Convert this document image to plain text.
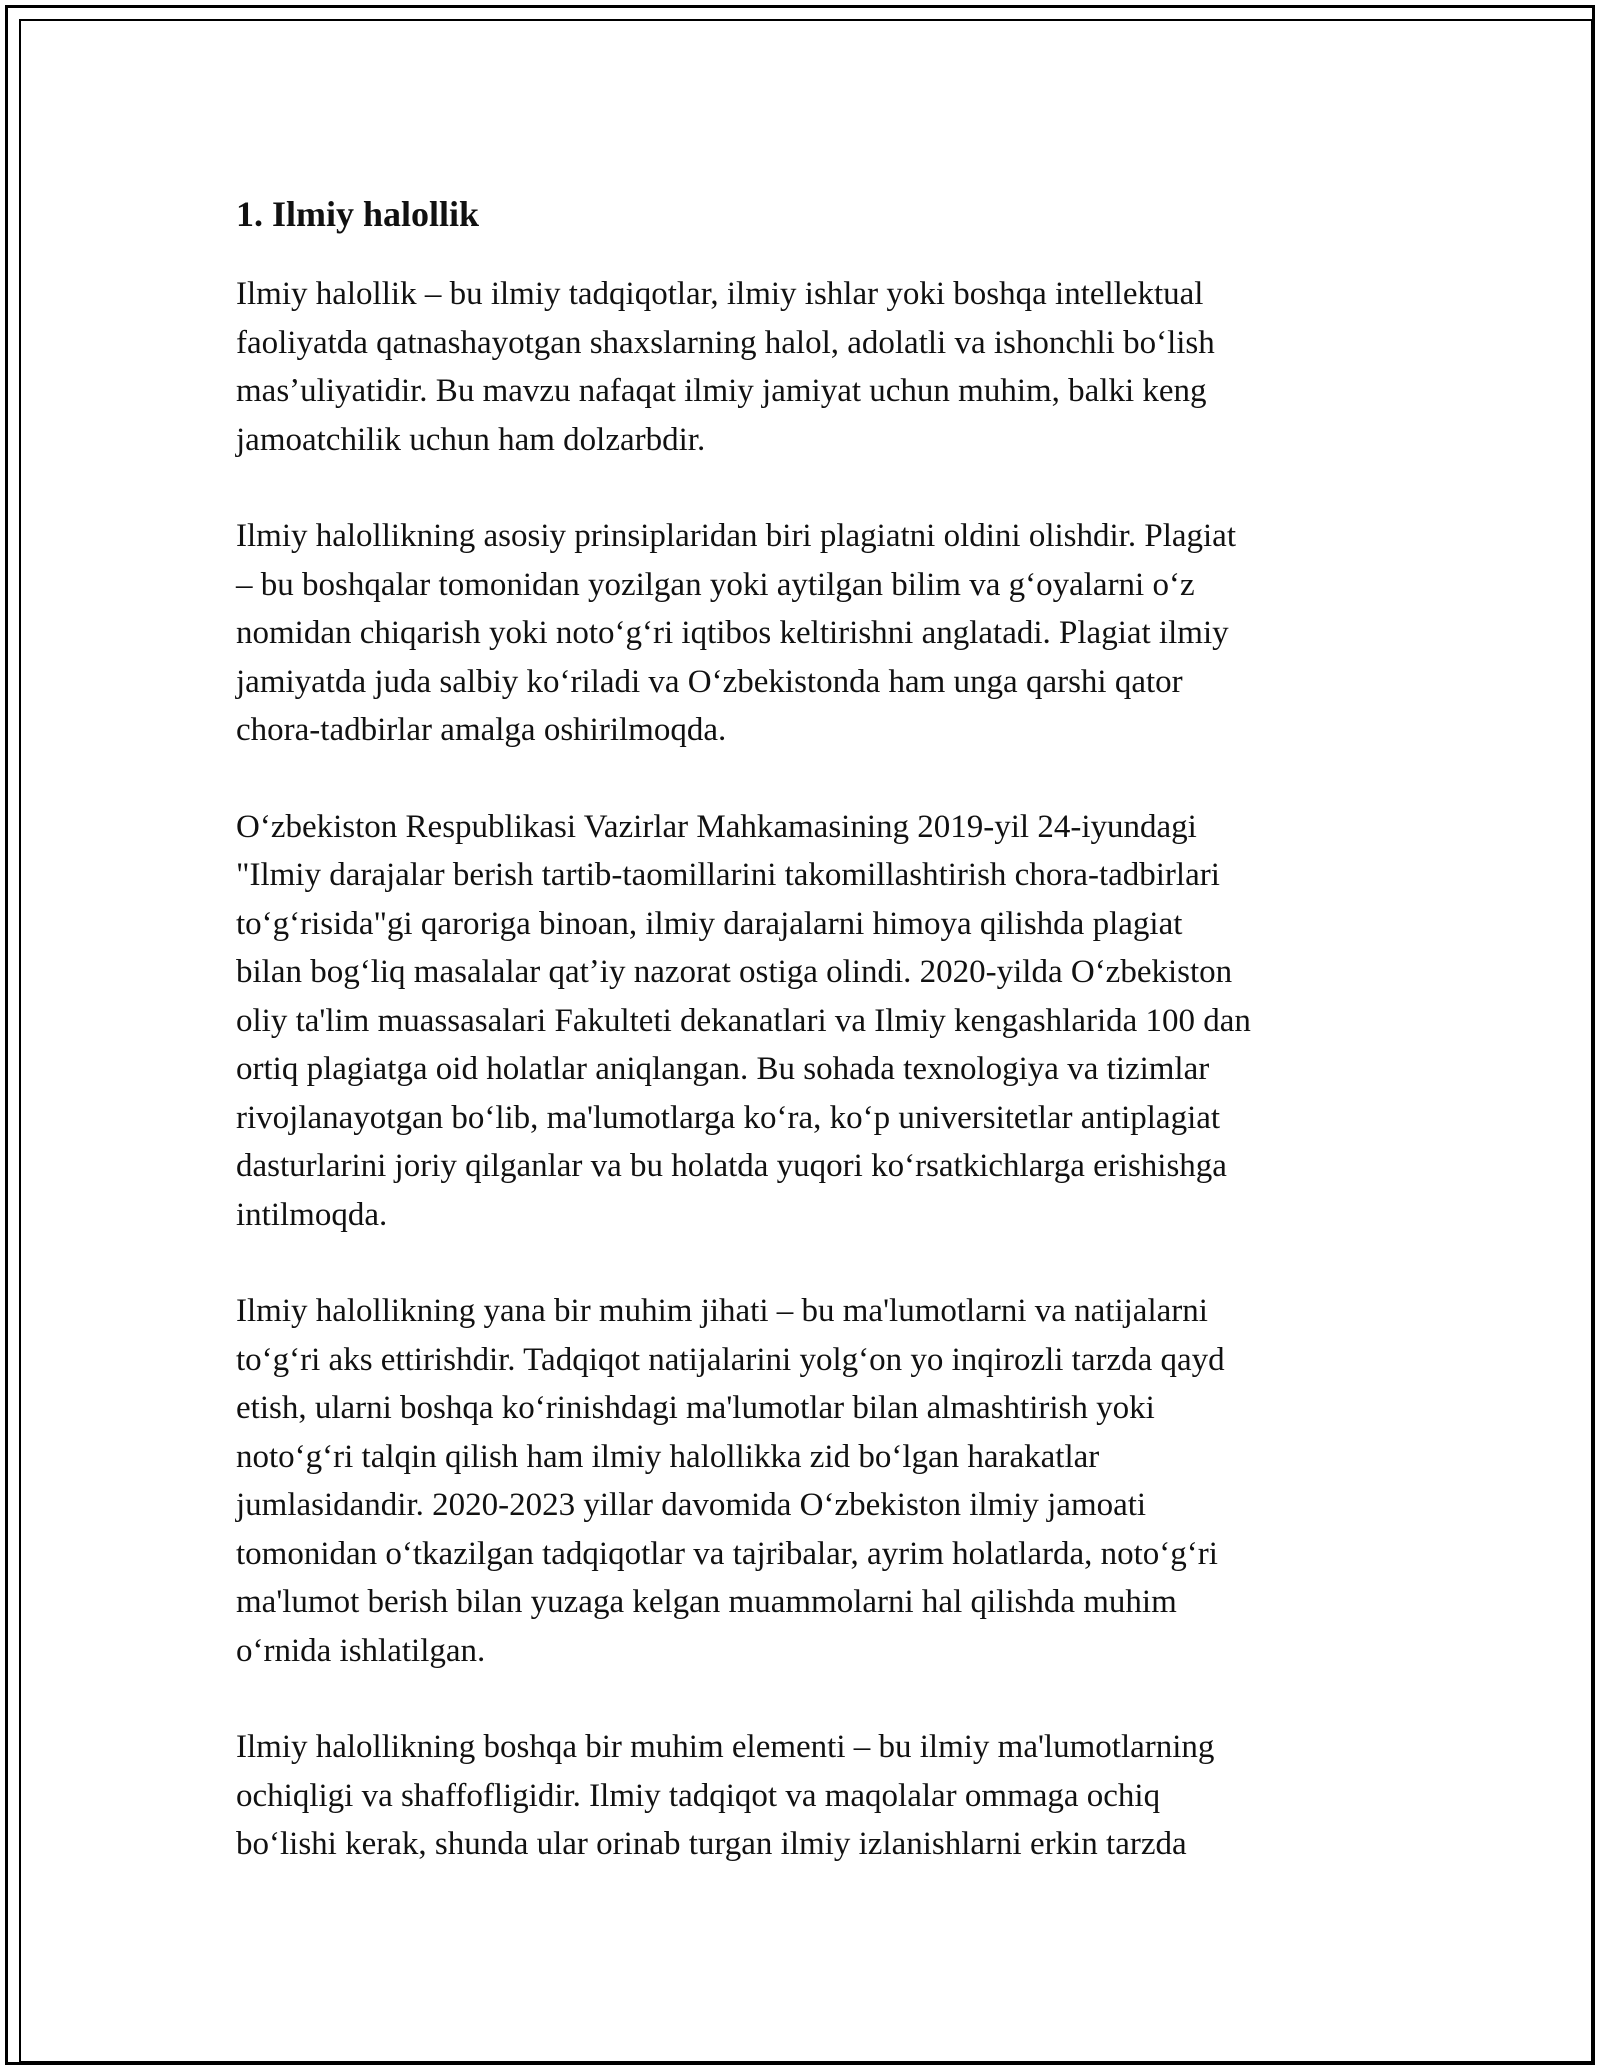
1. Ilmiy halollik
Ilmiy halollik – bu ilmiy tadqiqotlar, ilmiy ishlar yoki boshqa intellektual
faoliyatda qatnashayotgan shaxslarning halol, adolatli va ishonchli boʻlish
masʼuliyatidir. Bu mavzu nafaqat ilmiy jamiyat uchun muhim, balki keng
jamoatchilik uchun ham dolzarbdir.
Ilmiy halollikning asosiy prinsiplaridan biri plagiatni oldini olishdir. Plagiat
– bu boshqalar tomonidan yozilgan yoki aytilgan bilim va gʻoyalarni oʻz
nomidan chiqarish yoki notoʻgʻri iqtibos keltirishni anglatadi. Plagiat ilmiy
jamiyatda juda salbiy koʻriladi va Oʻzbekistonda ham unga qarshi qator
chora-tadbirlar amalga oshirilmoqda.
Oʻzbekiston Respublikasi Vazirlar Mahkamasining 2019-yil 24-iyundagi
"Ilmiy darajalar berish tartib-taomillarini takomillashtirish chora-tadbirlari
toʻgʻrisida"gi qaroriga binoan, ilmiy darajalarni himoya qilishda plagiat
bilan bogʻliq masalalar qatʼiy nazorat ostiga olindi. 2020-yilda Oʻzbekiston
oliy ta'lim muassasalari Fakulteti dekanatlari va Ilmiy kengashlarida 100 dan
ortiq plagiatga oid holatlar aniqlangan. Bu sohada texnologiya va tizimlar
rivojlanayotgan boʻlib, ma'lumotlarga koʻra, koʻp universitetlar antiplagiat
dasturlarini joriy qilganlar va bu holatda yuqori koʻrsatkichlarga erishishga
intilmoqda.
Ilmiy halollikning yana bir muhim jihati – bu ma'lumotlarni va natijalarni
toʻgʻri aks ettirishdir. Tadqiqot natijalarini yolgʻon yo inqirozli tarzda qayd
etish, ularni boshqa koʻrinishdagi ma'lumotlar bilan almashtirish yoki
notoʻgʻri talqin qilish ham ilmiy halollikka zid boʻlgan harakatlar
jumlasidandir. 2020-2023 yillar davomida Oʻzbekiston ilmiy jamoati
tomonidan oʻtkazilgan tadqiqotlar va tajribalar, ayrim holatlarda, notoʻgʻri
ma'lumot berish bilan yuzaga kelgan muammolarni hal qilishda muhim
oʻrnida ishlatilgan.
Ilmiy halollikning boshqa bir muhim elementi – bu ilmiy ma'lumotlarning
ochiqligi va shaffofligidir. Ilmiy tadqiqot va maqolalar ommaga ochiq
boʻlishi kerak, shunda ular orinab turgan ilmiy izlanishlarni erkin tarzda
